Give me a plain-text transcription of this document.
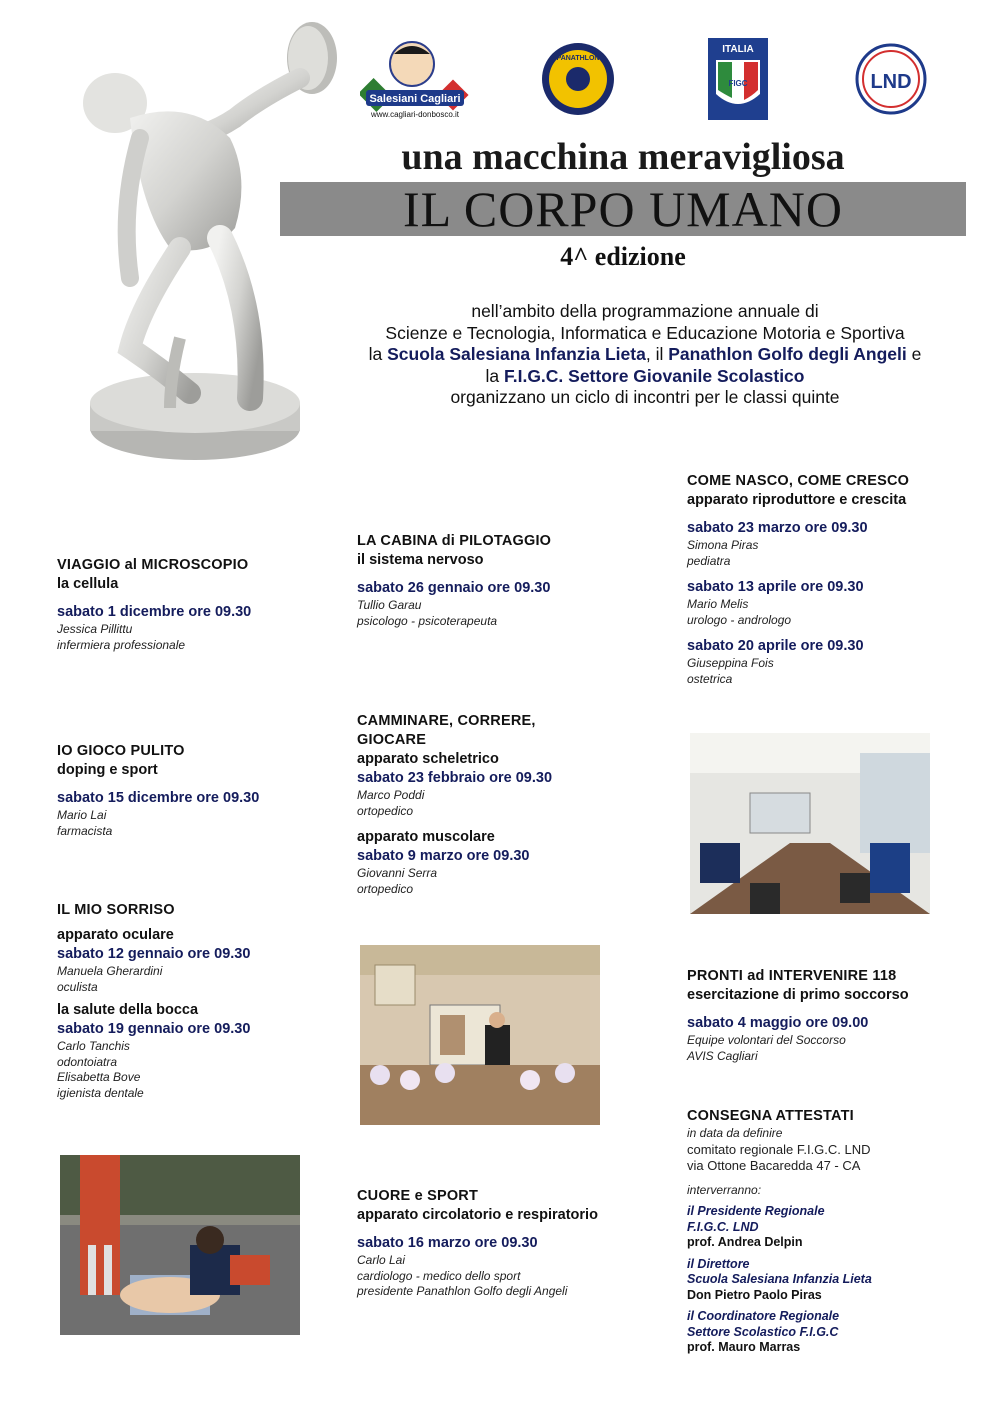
Salesiani Cagliari
www.cagliari-donbosco.it
PANATHLON
ITALIA
FIGC	LND
una macchina meravigliosa
IL CORPO UMANO
4^ edizione
nell’ambito della programmazione annuale di
Scienze e Tecnologia, Informatica e Educazione Motoria e Sportiva
la Scuola Salesiana Infanzia Lieta, il Panathlon Golfo degli Angeli e
la F.I.G.C. Settore Giovanile Scolastico
organizzano un ciclo di incontri per le classi quinte
VIAGGIO al MICROSCOPIO
la cellula
sabato 1 dicembre ore 09.30
Jessica Pillittu
infermiera professionale
IO GIOCO PULITO
doping e sport
sabato 15 dicembre ore 09.30
Mario Lai
farmacista
IL MIO SORRISO
apparato oculare
sabato 12 gennaio ore 09.30
Manuela Gherardini
oculista
la salute della bocca
sabato 19 gennaio ore 09.30
Carlo Tanchis
odontoiatra
Elisabetta Bove
igienista dentale
LA CABINA di PILOTAGGIO
il sistema nervoso
sabato 26 gennaio ore 09.30
Tullio Garau
psicologo - psicoterapeuta
CAMMINARE, CORRERE,
GIOCARE
apparato scheletrico
sabato 23 febbraio ore 09.30
Marco Poddi
ortopedico
apparato muscolare
sabato 9 marzo ore 09.30
Giovanni Serra
ortopedico
CUORE e SPORT
apparato circolatorio e respiratorio
sabato 16 marzo ore 09.30
Carlo Lai
cardiologo - medico dello sport
presidente Panathlon Golfo degli Angeli
COME NASCO, COME CRESCO
apparato riproduttore e crescita
sabato 23 marzo ore 09.30
Simona Piras
pediatra
sabato 13 aprile ore 09.30
Mario Melis
urologo - andrologo
sabato 20 aprile ore 09.30
Giuseppina Fois
ostetrica
PRONTI ad INTERVENIRE 118
esercitazione di primo soccorso
sabato 4 maggio ore 09.00
Equipe volontari del Soccorso
AVIS Cagliari
CONSEGNA ATTESTATI
in data da definire
comitato regionale F.I.G.C. LND
via Ottone Bacaredda 47 - CA
interverranno:
il Presidente Regionale
F.I.G.C. LND
prof. Andrea Delpin
il Direttore
Scuola Salesiana Infanzia Lieta
Don Pietro Paolo Piras
il Coordinatore Regionale
Settore Scolastico F.I.G.C
prof. Mauro Marras
